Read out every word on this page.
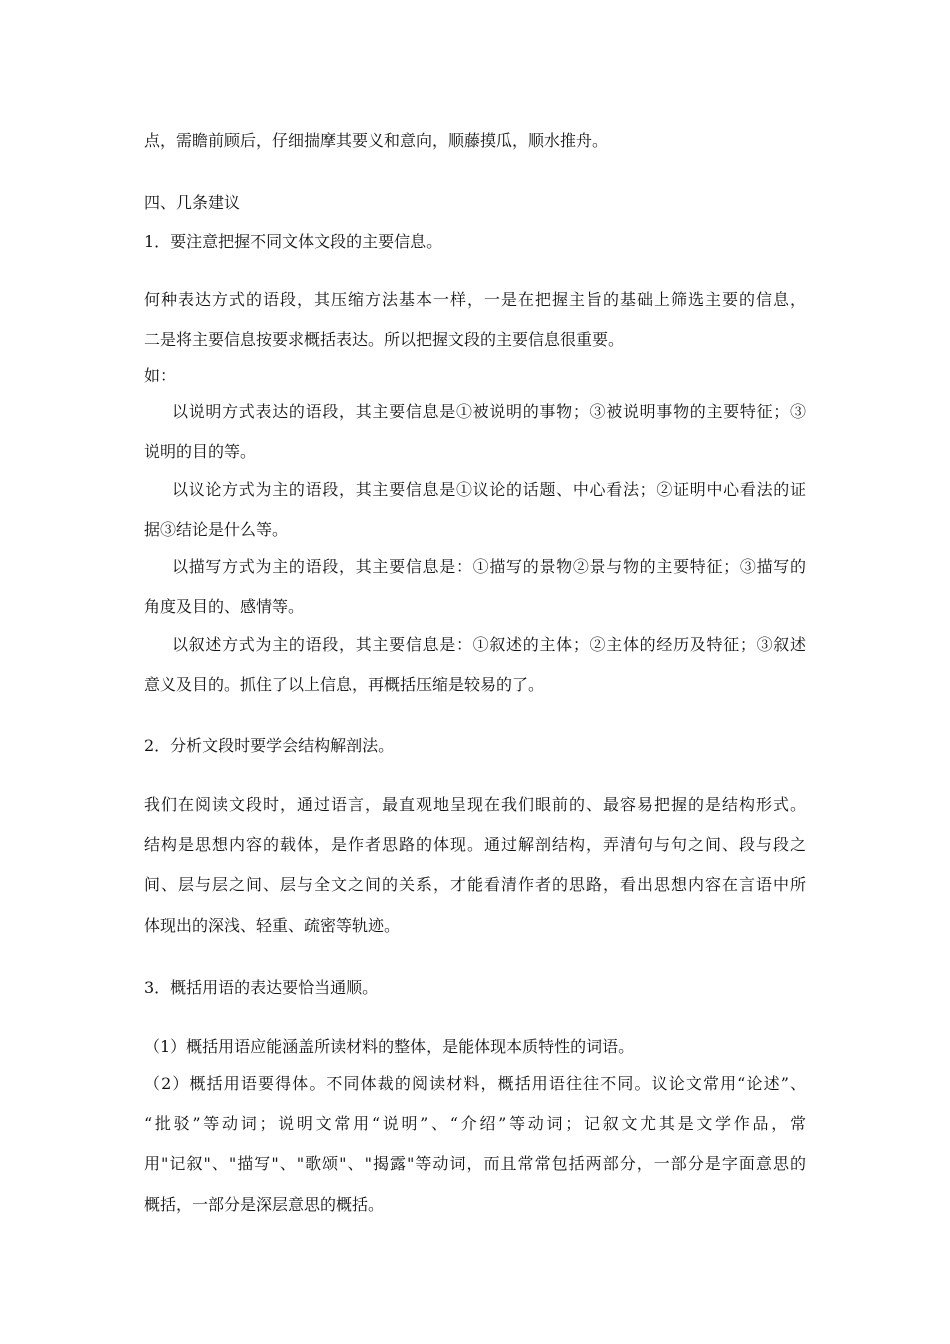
点，需瞻前顾后，仔细揣摩其要义和意向，顺藤摸瓜，顺水推舟。
四、几条建议
1．要注意把握不同文体文段的主要信息。
何种表达方式的语段，其压缩方法基本一样，一是在把握主旨的基础上筛选主要的信息，
二是将主要信息按要求概括表达。所以把握文段的主要信息很重要。
如：
以说明方式表达的语段，其主要信息是①被说明的事物；③被说明事物的主要特征；③
说明的目的等。
以议论方式为主的语段，其主要信息是①议论的话题、中心看法；②证明中心看法的证
据③结论是什么等。
以描写方式为主的语段，其主要信息是：①描写的景物②景与物的主要特征；③描写的
角度及目的、感情等。
以叙述方式为主的语段，其主要信息是：①叙述的主体；②主体的经历及特征；③叙述
意义及目的。抓住了以上信息，再概括压缩是较易的了。
2．分析文段时要学会结构解剖法。
我们在阅读文段时，通过语言，最直观地呈现在我们眼前的、最容易把握的是结构形式。
结构是思想内容的载体，是作者思路的体现。通过解剖结构，弄清句与句之间、段与段之
间、层与层之间、层与全文之间的关系，才能看清作者的思路，看出思想内容在言语中所
体现出的深浅、轻重、疏密等轨迹。
3．概括用语的表达要恰当通顺。
（1）概括用语应能涵盖所读材料的整体，是能体现本质特性的词语。
（2）概括用语要得体。不同体裁的阅读材料，概括用语往往不同。议论文常用“论述”、
“批驳”等动词；说明文常用“说明”、“介绍”等动词；记叙文尤其是文学作品，常
用"记叙"、"描写"、"歌颂"、"揭露"等动词，而且常常包括两部分，一部分是字面意思的
概括，一部分是深层意思的概括。
